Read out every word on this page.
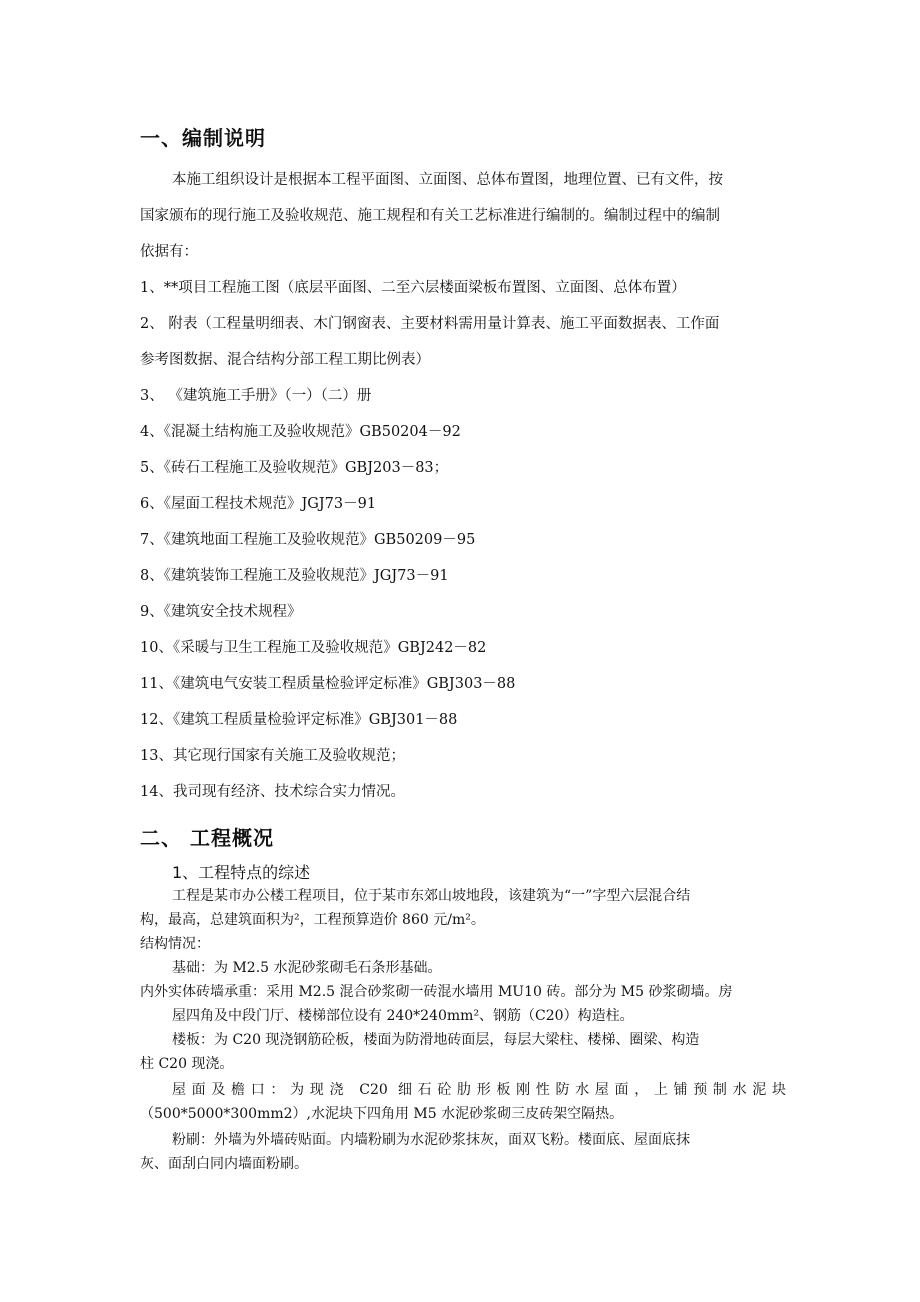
一、编制说明
本施工组织设计是根据本工程平面图、立面图、总体布置图，地理位置、已有文件，按
国家颁布的现行施工及验收规范、施工规程和有关工艺标准进行编制的。编制过程中的编制
依据有：
1、**项目工程施工图（底层平面图、二至六层楼面梁板布置图、立面图、总体布置）
2、 附表（工程量明细表、木门钢窗表、主要材料需用量计算表、施工平面数据表、工作面
参考图数据、混合结构分部工程工期比例表）
3、 《建筑施工手册》（一）（二）册
4、《混凝土结构施工及验收规范》GB50204－92
5、《砖石工程施工及验收规范》GBJ203－83；
6、《屋面工程技术规范》JGJ73－91
7、《建筑地面工程施工及验收规范》GB50209－95
8、《建筑装饰工程施工及验收规范》JGJ73－91
9、《建筑安全技术规程》
10、《采暖与卫生工程施工及验收规范》GBJ242－82
11、《建筑电气安装工程质量检验评定标准》GBJ303－88
12、《建筑工程质量检验评定标准》GBJ301－88
13、其它现行国家有关施工及验收规范；
14、我司现有经济、技术综合实力情况。
二、 工程概况
1、工程特点的综述
工程是某市办公楼工程项目，位于某市东郊山坡地段，该建筑为“一”字型六层混合结
构，最高，总建筑面积为²，工程预算造价 860 元/m²。
结构情况：
基础：为 M2.5 水泥砂浆砌毛石条形基础。
内外实体砖墙承重：采用 M2.5 混合砂浆砌一砖混水墙用 MU10 砖。部分为 M5 砂浆砌墙。房
屋四角及中段门厅、楼梯部位设有 240*240mm²、钢筋（C20）构造柱。
楼板：为 C20 现浇钢筋砼板，楼面为防滑地砖面层，每层大梁柱、楼梯、圈梁、构造
柱 C20 现浇。
屋面及檐口：为现浇 C20 细石砼肋形板刚性防水屋面，上铺预制水泥块
（500*5000*300mm2）,水泥块下四角用 M5 水泥砂浆砌三皮砖架空隔热。
粉刷：外墙为外墙砖贴面。内墙粉刷为水泥砂浆抹灰，面双飞粉。楼面底、屋面底抹
灰、面刮白同内墙面粉刷。
